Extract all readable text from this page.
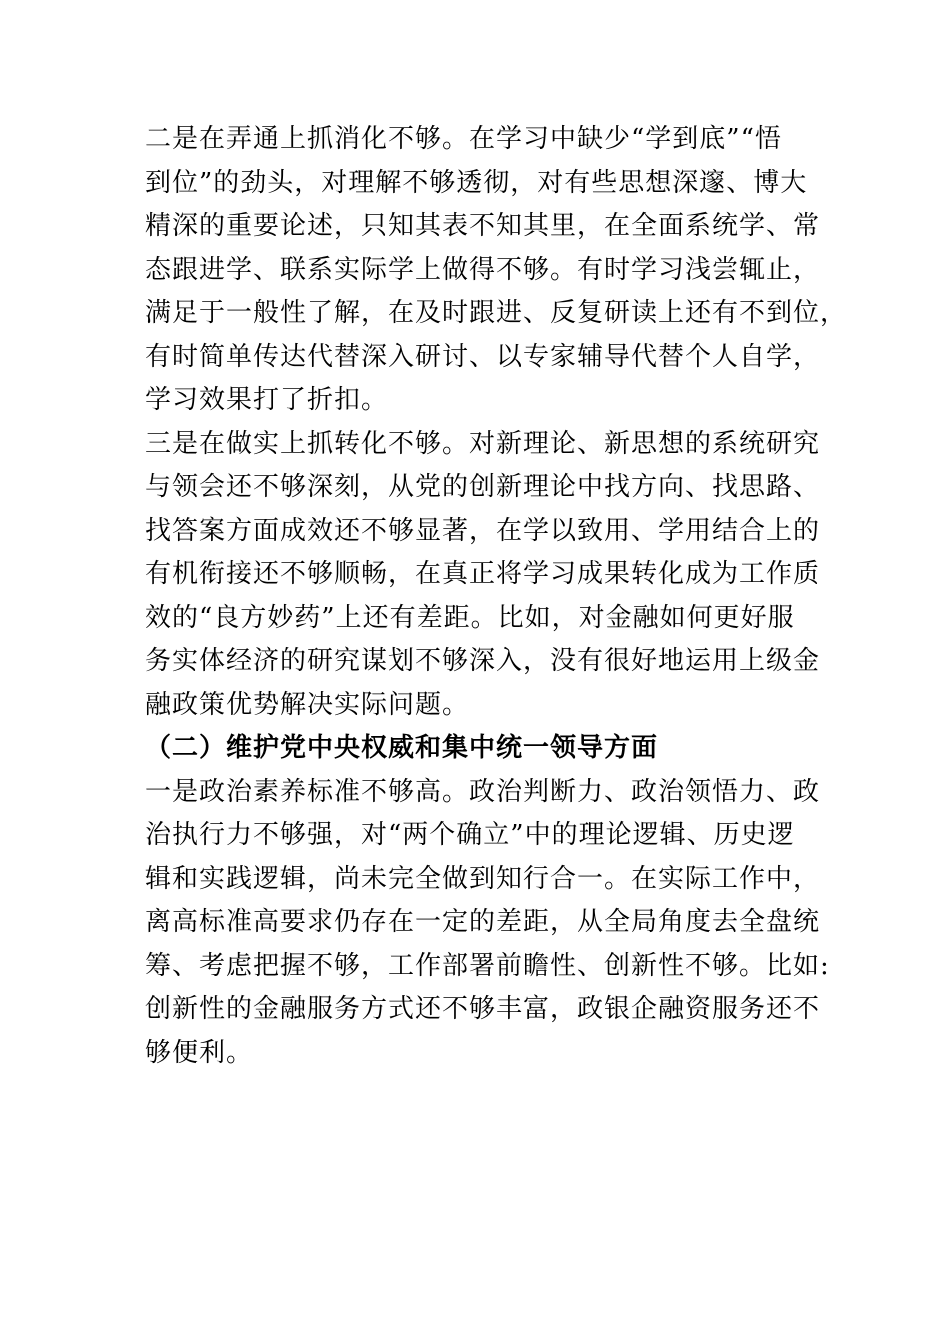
二是在弄通上抓消化不够。在学习中缺少“学到底”“悟
到位”的劲头，对理解不够透彻，对有些思想深邃、博大
精深的重要论述，只知其表不知其里，在全面系统学、常
态跟进学、联系实际学上做得不够。有时学习浅尝辄止，
满足于一般性了解，在及时跟进、反复研读上还有不到位，
有时简单传达代替深入研讨、以专家辅导代替个人自学，
学习效果打了折扣。
三是在做实上抓转化不够。对新理论、新思想的系统研究
与领会还不够深刻，从党的创新理论中找方向、找思路、
找答案方面成效还不够显著，在学以致用、学用结合上的
有机衔接还不够顺畅，在真正将学习成果转化成为工作质
效的“良方妙药”上还有差距。比如，对金融如何更好服
务实体经济的研究谋划不够深入，没有很好地运用上级金
融政策优势解决实际问题。
（二）维护党中央权威和集中统一领导方面
一是政治素养标准不够高。政治判断力、政治领悟力、政
治执行力不够强，对“两个确立”中的理论逻辑、历史逻
辑和实践逻辑，尚未完全做到知行合一。在实际工作中，
离高标准高要求仍存在一定的差距，从全局角度去全盘统
筹、考虑把握不够，工作部署前瞻性、创新性不够。比如:
创新性的金融服务方式还不够丰富，政银企融资服务还不
够便利。
